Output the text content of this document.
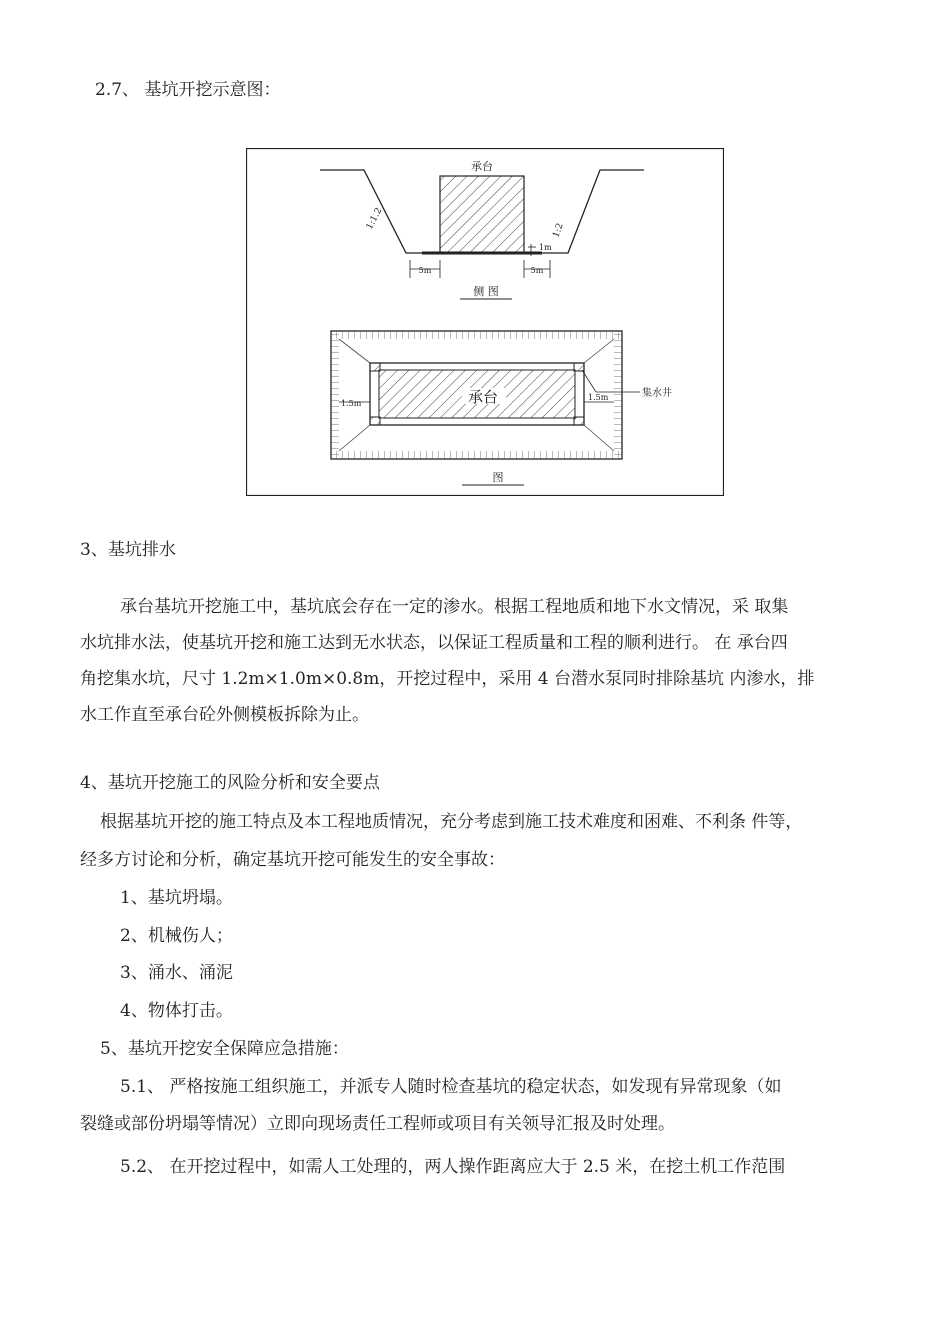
2.7、 基坑开挖示意图：
承台
1:1.2	1:2
1m
5m	5m
侧 图
承台
1.5m
1.5m	集水井
图
3、基坑排水
承台基坑开挖施工中，基坑底会存在一定的渗水。根据工程地质和地下水文情况，采 取集
水坑排水法，使基坑开挖和施工达到无水状态，以保证工程质量和工程的顺利进行。 在 承台四
角挖集水坑，尺寸 1.2m×1.0m×0.8m，开挖过程中，采用 4 台潜水泵同时排除基坑 内渗水，排
水工作直至承台砼外侧模板拆除为止。
4、基坑开挖施工的风险分析和安全要点
根据基坑开挖的施工特点及本工程地质情况，充分考虑到施工技术难度和困难、不利条 件等，
经多方讨论和分析，确定基坑开挖可能发生的安全事故：
1、基坑坍塌。
2、机械伤人；
3、涌水、涌泥
4、物体打击。
5、基坑开挖安全保障应急措施：
5.1、 严格按施工组织施工，并派专人随时检查基坑的稳定状态，如发现有异常现象（如
裂缝或部份坍塌等情况）立即向现场责任工程师或项目有关领导汇报及时处理。
5.2、 在开挖过程中，如需人工处理的，两人操作距离应大于 2.5 米，在挖土机工作范围
